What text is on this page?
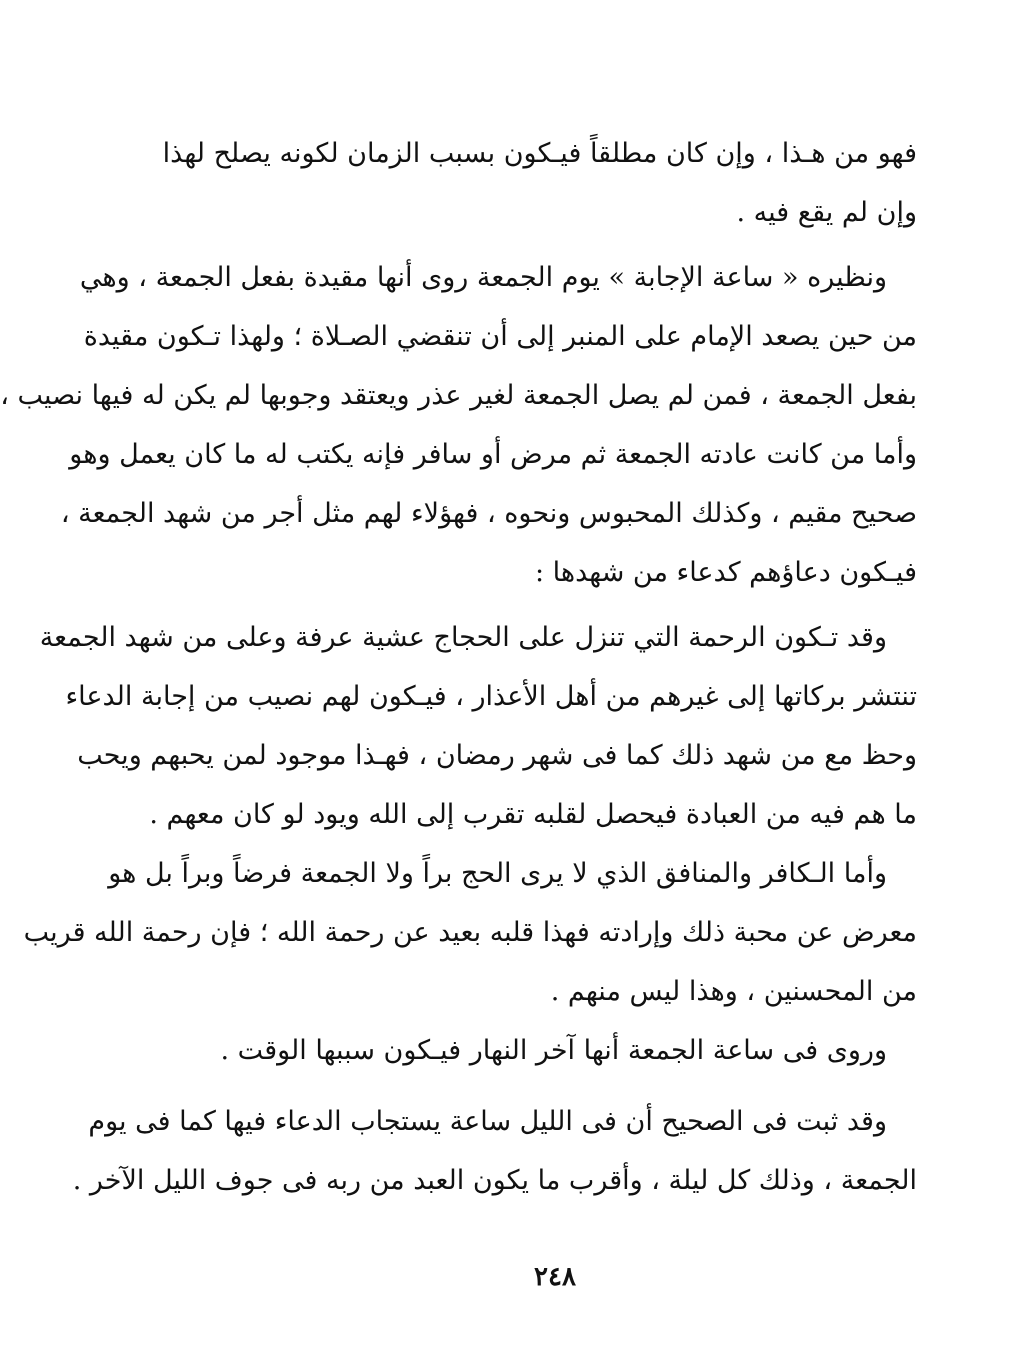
فهو من هـذا ، وإن كان مطلقاً فيـكون بسبب الزمان لكونه يصلح لهذا
وإن لم يقع فيه .
ونظيره « ساعة الإجابة » يوم الجمعة روى أنها مقيدة بفعل الجمعة ، وهي
من حين يصعد الإمام على المنبر إلى أن تنقضي الصـلاة ؛ ولهذا تـكون مقيدة
بفعل الجمعة ، فمن لم يصل الجمعة لغير عذر ويعتقد وجوبها لم يكن له فيها نصيب ،
وأما من كانت عادته الجمعة ثم مرض أو سافر فإنه يكتب له ما كان يعمل وهو
صحيح مقيم ، وكذلك المحبوس ونحوه ، فهؤلاء لهم مثل أجر من شهد الجمعة ،
فيـكون دعاؤهم كدعاء من شهدها :
وقد تـكون الرحمة التي تنزل على الحجاج عشية عرفة وعلى من شهد الجمعة
تنتشر بركاتها إلى غيرهم من أهل الأعذار ، فيـكون لهم نصيب من إجابة الدعاء
وحظ مع من شهد ذلك كما فى شهر رمضان ، فهـذا موجود لمن يحبهم ويحب
ما هم فيه من العبادة فيحصل لقلبه تقرب إلى الله ويود لو كان معهم .
وأما الـكافر والمنافق الذي لا يرى الحج براً ولا الجمعة فرضاً وبراً بل هو
معرض عن محبة ذلك وإرادته فهذا قلبه بعيد عن رحمة الله ؛ فإن رحمة الله قريب
من المحسنين ، وهذا ليس منهم .
وروى فى ساعة الجمعة أنها آخر النهار فيـكون سببها الوقت .
وقد ثبت فى الصحيح أن فى الليل ساعة يستجاب الدعاء فيها كما فى يوم
الجمعة ، وذلك كل ليلة ، وأقرب ما يكون العبد من ربه فى جوف الليل الآخر .
٢٤٨
